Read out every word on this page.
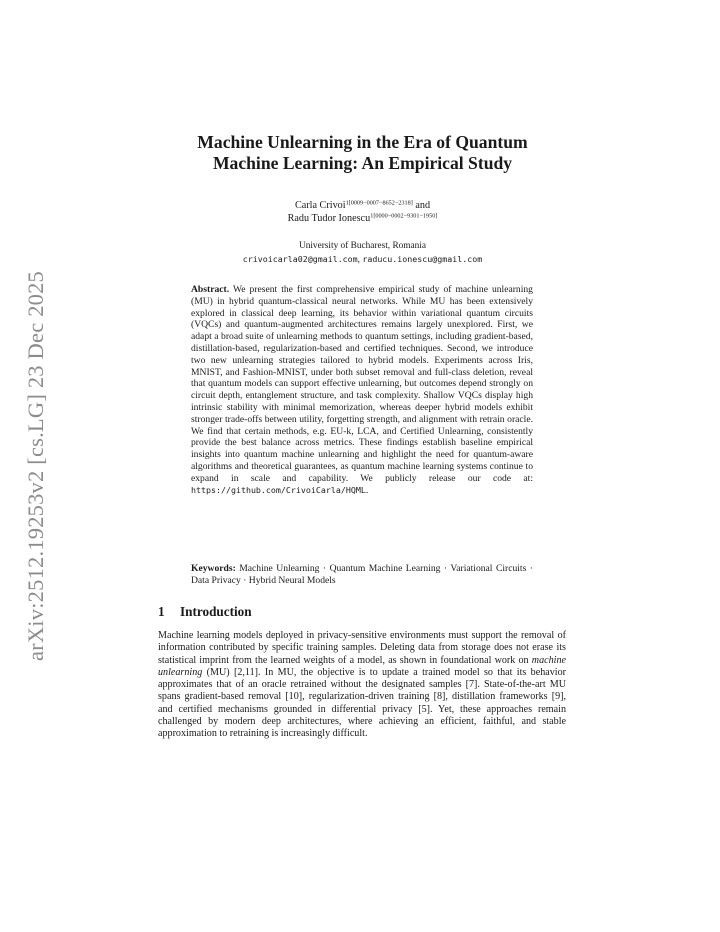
arXiv:2512.19253v2 [cs.LG] 23 Dec 2025
Machine Unlearning in the Era of Quantum
Machine Learning: An Empirical Study
Carla Crivoi$^{1[0009-0007-8652-2318]}$ and
Radu Tudor Ionescu$^{1[0000-0002-9301-1950]}$
University of Bucharest, Romania
crivoicarla02@gmail.com, raducu.ionescu@gmail.com
Abstract. We present the first comprehensive empirical study of machine unlearning (MU) in hybrid quantum-classical neural networks. While MU has been extensively explored in classical deep learning, its behavior within variational quantum circuits (VQCs) and quantum-augmented architectures remains largely unexplored. First, we adapt a broad suite of unlearning methods to quantum settings, including gradient-based, distillation-based, regularization-based and certified techniques. Second, we introduce two new unlearning strategies tailored to hybrid models. Experiments across Iris, MNIST, and Fashion-MNIST, under both subset removal and full-class deletion, reveal that quantum models can support effective unlearning, but outcomes depend strongly on circuit depth, entanglement structure, and task complexity. Shallow VQCs display high intrinsic stability with minimal memorization, whereas deeper hybrid models exhibit stronger trade-offs between utility, forgetting strength, and alignment with retrain oracle. We find that certain methods, e.g. EU-k, LCA, and Certified Unlearning, consistently provide the best balance across metrics. These findings establish baseline empirical insights into quantum machine unlearning and highlight the need for quantum-aware algorithms and theoretical guarantees, as quantum machine learning systems continue to expand in scale and capability. We publicly release our code at: https://github.com/CrivoiCarla/HQML.
Keywords: Machine Unlearning · Quantum Machine Learning · Variational Circuits · Data Privacy · Hybrid Neural Models
1 Introduction

Machine learning models deployed in privacy-sensitive environments must support the removal of information contributed by specific training samples. Deleting data from storage does not erase its statistical imprint from the learned weights of a model, as shown in foundational work on machine unlearning (MU) [2,11]. In MU, the objective is to update a trained model so that its behavior approximates that of an oracle retrained without the designated samples [7]. State-of-the-art MU spans gradient-based removal [10], regularization-driven training [8], distillation frameworks [9], and certified mechanisms grounded in differential privacy [5]. Yet, these approaches remain challenged by modern deep architectures, where achieving an efficient, faithful, and stable approximation to retraining is increasingly difficult.
